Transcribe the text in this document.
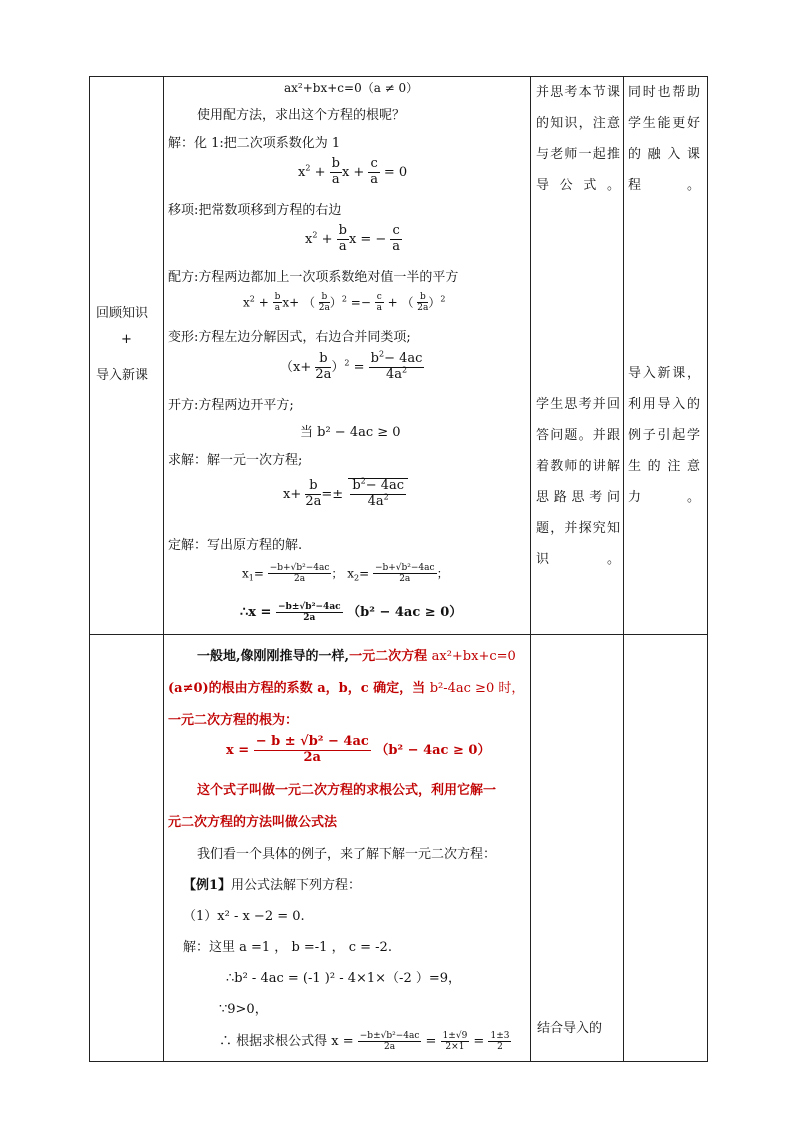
回顾知识
+
导入新课
ax²+bx+c=0（a ≠ 0）
使用配方法，求出这个方程的根呢？
解：化 1:把二次项系数化为 1
$x^2 + \frac{b}{a}$ $x + \frac{c}{a} = 0$
移项:把常数项移到方程的右边
$x^2 + \frac{b}{a}$ x = − $\frac{c}{a}$
配方:方程两边都加上一次项系数绝对值一半的平方
$x^2 + \frac{b}{a} x+$ （ $\frac{b}{2a} )^2 =- \frac{c}{a}$ + （ $\frac{b}{2a} )^2$
变形:方程左边分解因式，右边合并同类项;
$(x+ \frac{b}{2a} )^2 = \frac{b^2- 4ac}{4a^2}$
开方:方程两边开平方;
当 b² − 4ac ≥ 0
求解：解一元一次方程;
$x+ \frac{b}{2a} =\pm \frac{b^2- 4ac}{4a^2}$
定解：写出原方程的解.
$x_1= \frac{\text{−b+√b²−4ac}}{2a}$ ； $x_2= \frac{\text{−b+√b²−4ac}}{2a}$ ；
∴x = $\frac{\text{−b±√b²−4ac}}{2a} (b^2 - 4ac \ge 0)$
并思考本节课的知识，注意与老师一起推导公式。
学生思考并回答问题。并跟着教师的讲解思路思考问题，并探究知识。
同时也帮助学生能更好的融入课程。
导入新课，利用导入的例子引起学生的注意力。
一般地,像刚刚推导的一样,一元二次方程 ax²+bx+c=0
(a≠0)的根由方程的系数 a，b，c 确定，当 b²-4ac ≥0 时，
一元二次方程的根为：
$x = \frac{\text{− b ± √b² − 4ac}}{2a} (b^2 - 4ac \ge 0)$
这个式子叫做一元二次方程的求根公式，利用它解一
元二次方程的方法叫做公式法
我们看一个具体的例子，来了解下解一元二次方程：
【例1】用公式法解下列方程：
（1）x² - x −2 = 0.
解：这里 a =1 ， b =-1 ， c = -2.
∴b² - 4ac = (-1 )² - 4×1×（-2 ）=9，
∵9>0，
∴ 根据求根公式得 $x = \frac{\text{−b±√b²−4ac}}{2a} = \frac{1\pm√9}{2\times 1} = \frac{1\pm 3}{2}$
结合导入的
